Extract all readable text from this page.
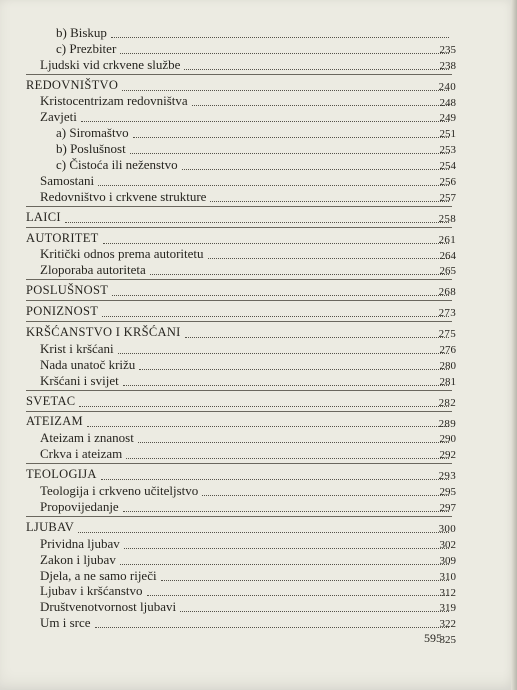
b) Biskup
c) Prezbiter	235
Ljudski vid crkvene službe	238
REDOVNIŠTVO	240
Kristocentrizam redovništva	248
Zavjeti	249
a) Siromaštvo	251
b) Poslušnost	253
c) Čistoća ili neženstvo	254
Samostani	256
Redovništvo i crkvene strukture	257
LAICI	258
AUTORITET	261
Kritički odnos prema autoritetu	264
Zloporaba autoriteta	265
POSLUŠNOST	268
PONIZNOST	273
KRŠĆANSTVO I KRŠĆANI	275
Krist i kršćani	276
Nada unatoč križu	280
Kršćani i svijet	281
SVETAC	282
ATEIZAM	289
Ateizam i znanost	290
Crkva i ateizam	292
TEOLOGIJA	293
Teologija i crkveno učiteljstvo	295
Propovijedanje	297
LJUBAV	300
Prividna ljubav	302
Zakon i ljubav	309
Djela, a ne samo riječi	310
Ljubav i kršćanstvo	312
Društvenotvornost ljubavi	319
Um i srce	322
325
595
